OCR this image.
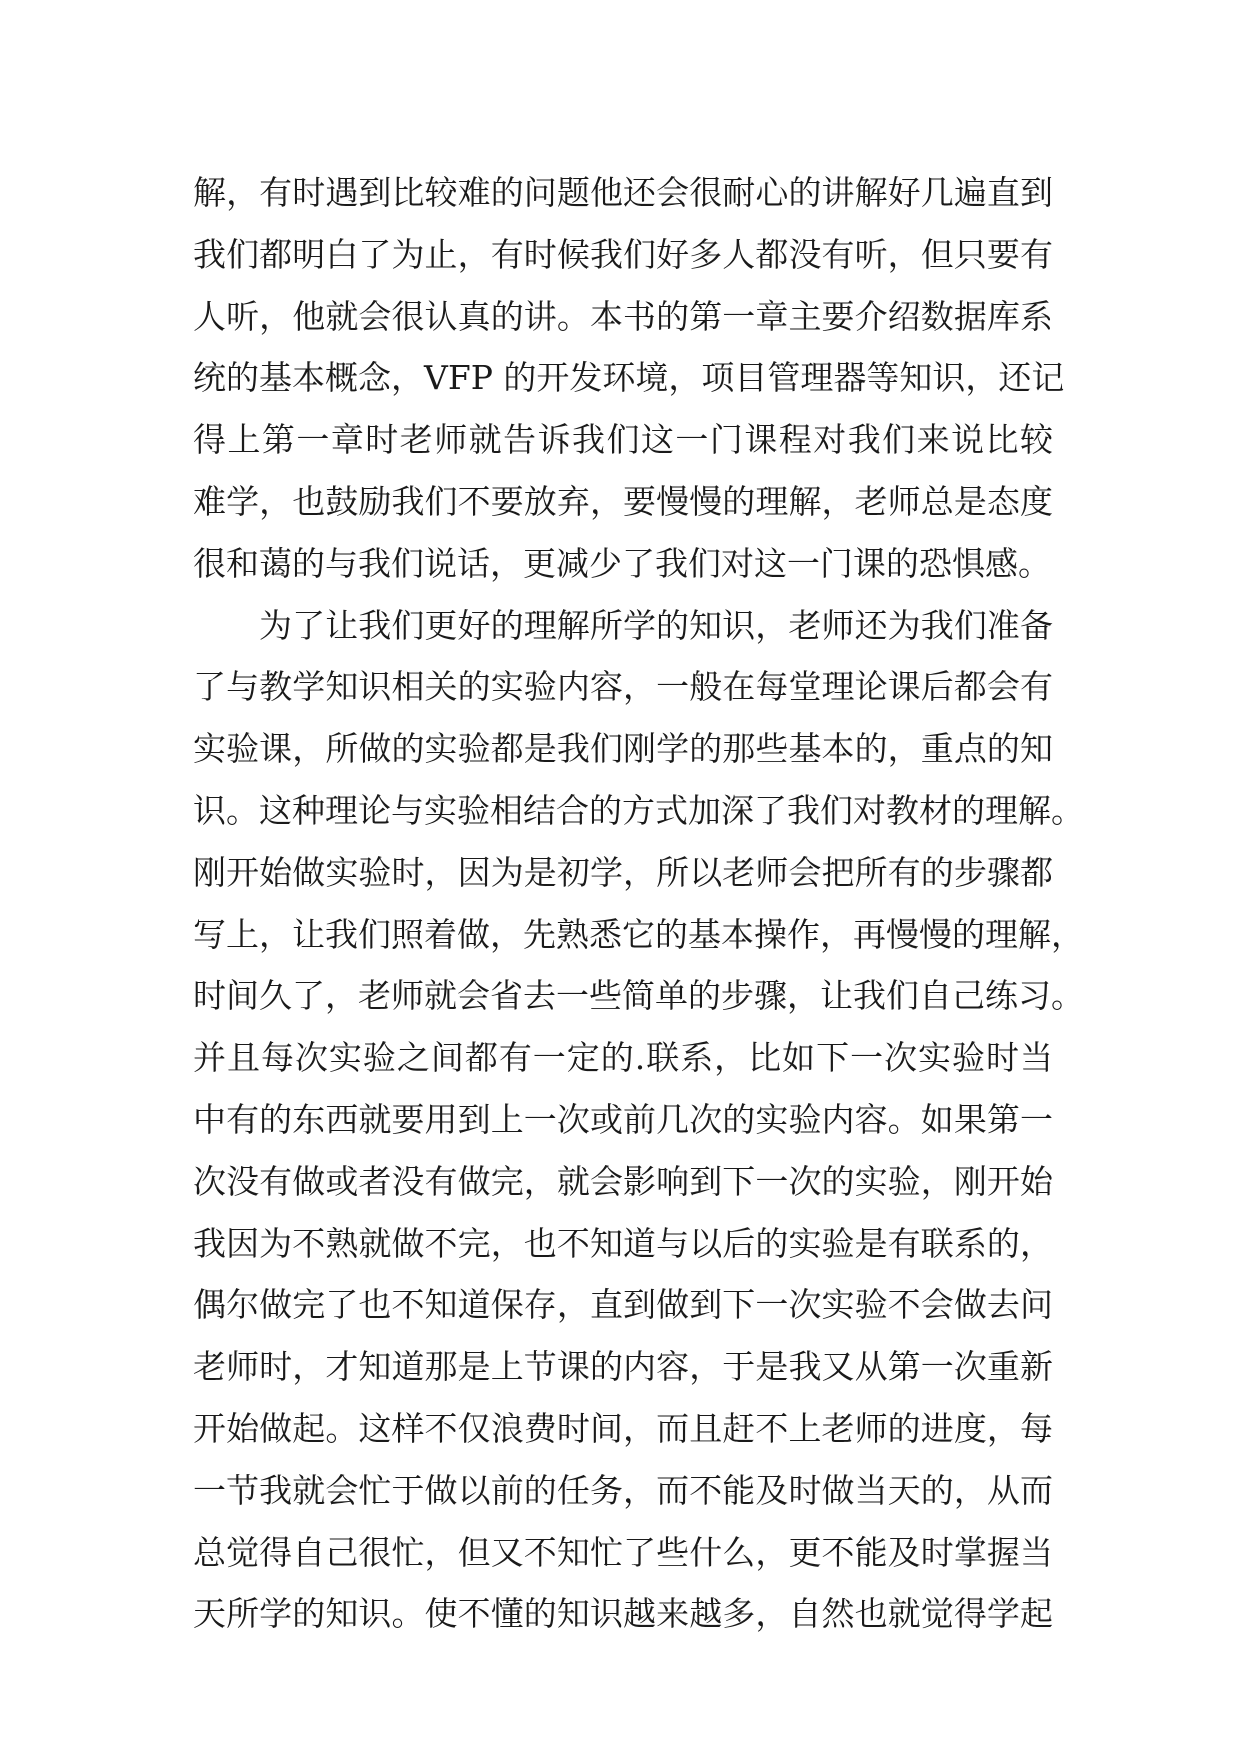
解，有时遇到比较难的问题他还会很耐心的讲解好几遍直到
我们都明白了为止，有时候我们好多人都没有听，但只要有
人听，他就会很认真的讲。本书的第一章主要介绍数据库系
统的基本概念，VFP 的开发环境，项目管理器等知识，还记
得上第一章时老师就告诉我们这一门课程对我们来说比较
难学，也鼓励我们不要放弃，要慢慢的理解，老师总是态度
很和蔼的与我们说话，更减少了我们对这一门课的恐惧感。
为了让我们更好的理解所学的知识，老师还为我们准备
了与教学知识相关的实验内容，一般在每堂理论课后都会有
实验课，所做的实验都是我们刚学的那些基本的，重点的知
识。这种理论与实验相结合的方式加深了我们对教材的理解。
刚开始做实验时，因为是初学，所以老师会把所有的步骤都
写上，让我们照着做，先熟悉它的基本操作，再慢慢的理解，
时间久了，老师就会省去一些简单的步骤，让我们自己练习。
并且每次实验之间都有一定的.联系，比如下一次实验时当
中有的东西就要用到上一次或前几次的实验内容。如果第一
次没有做或者没有做完，就会影响到下一次的实验，刚开始
我因为不熟就做不完，也不知道与以后的实验是有联系的，
偶尔做完了也不知道保存，直到做到下一次实验不会做去问
老师时，才知道那是上节课的内容，于是我又从第一次重新
开始做起。这样不仅浪费时间，而且赶不上老师的进度，每
一节我就会忙于做以前的任务，而不能及时做当天的，从而
总觉得自己很忙，但又不知忙了些什么，更不能及时掌握当
天所学的知识。使不懂的知识越来越多，自然也就觉得学起
